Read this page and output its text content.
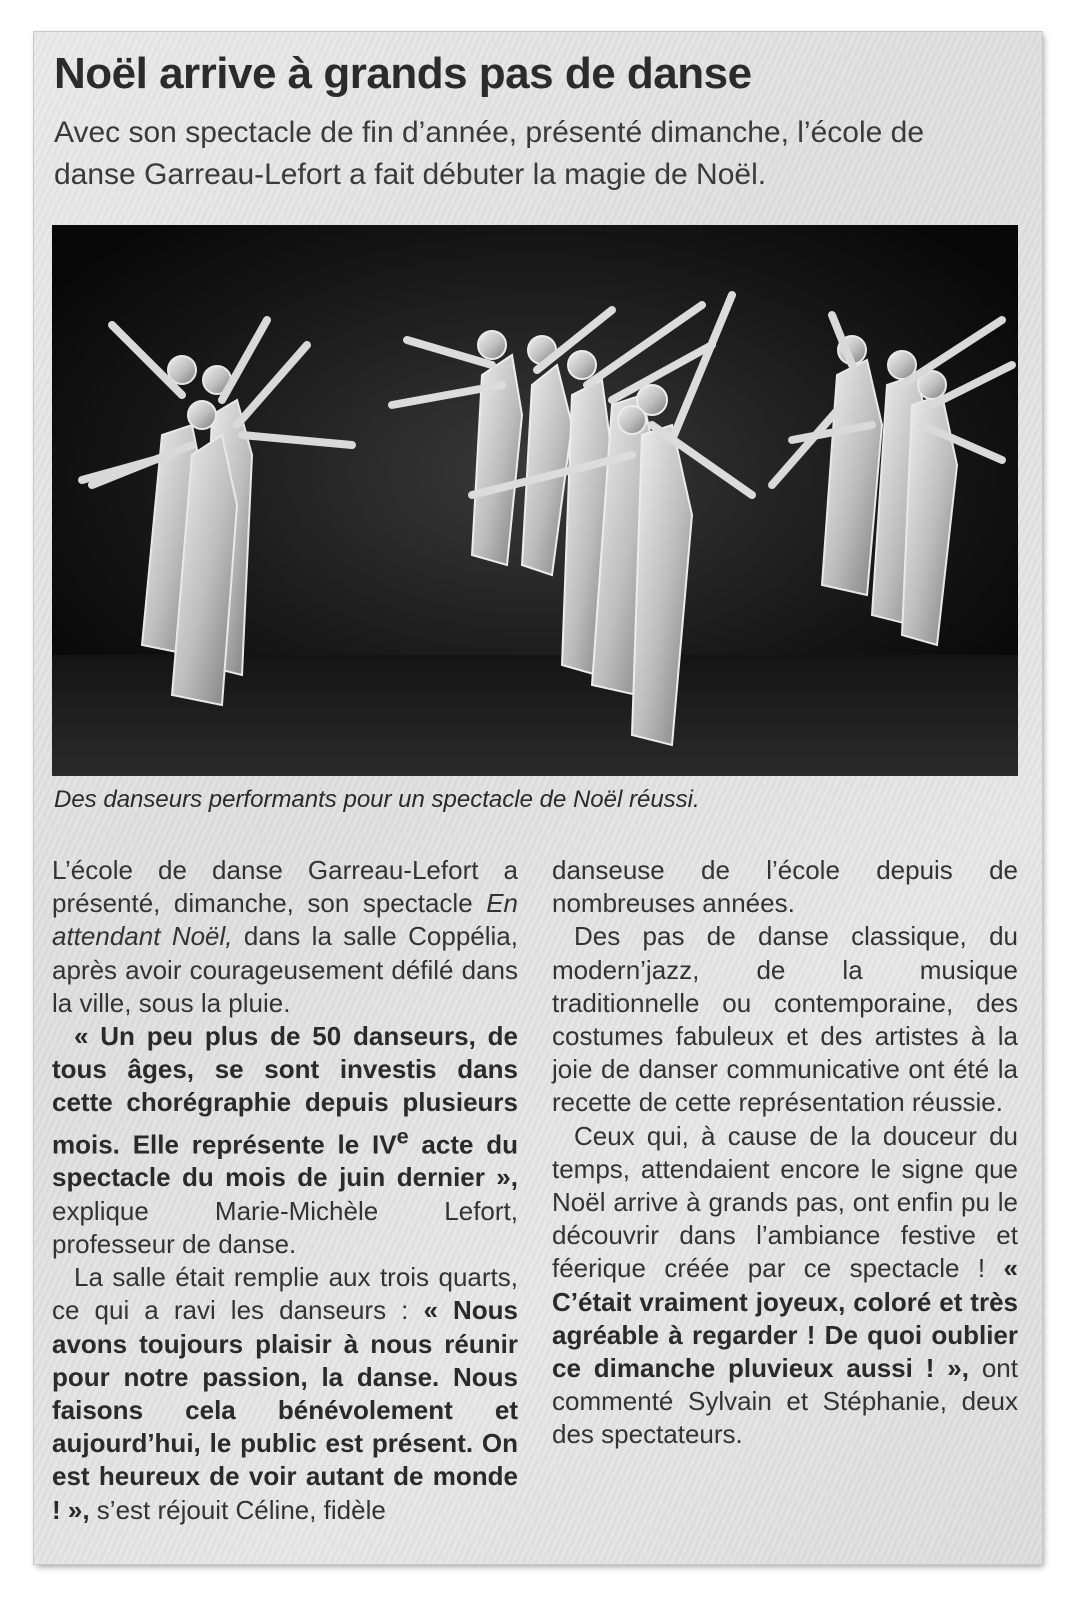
Noël arrive à grands pas de danse

Avec son spectacle de fin d’année, présenté dimanche, l’école de danse Garreau-Lefort a fait débuter la magie de Noël.

Des danseurs performants pour un spectacle de Noël réussi.

L’école de danse Garreau-Lefort a présenté, dimanche, son spectacle En attendant Noël, dans la salle Coppélia, après avoir courageusement défilé dans la ville, sous la pluie.

« Un peu plus de 50 danseurs, de tous âges, se sont investis dans cette chorégraphie depuis plusieurs mois. Elle représente le IVe acte du spectacle du mois de juin dernier », explique Marie-Michèle Lefort, professeur de danse.

La salle était remplie aux trois quarts, ce qui a ravi les danseurs : « Nous avons toujours plaisir à nous réunir pour notre passion, la danse. Nous faisons cela bénévolement et aujourd’hui, le public est présent. On est heureux de voir autant de monde ! », s’est réjouit Céline, fidèle

danseuse de l’école depuis de nombreuses années.

Des pas de danse classique, du modern’jazz, de la musique traditionnelle ou contemporaine, des costumes fabuleux et des artistes à la joie de danser communicative ont été la recette de cette représentation réussie.

Ceux qui, à cause de la douceur du temps, attendaient encore le signe que Noël arrive à grands pas, ont enfin pu le découvrir dans l’ambiance festive et féerique créée par ce spectacle ! « C’était vraiment joyeux, coloré et très agréable à regarder ! De quoi oublier ce dimanche pluvieux aussi ! », ont commenté Sylvain et Stéphanie, deux des spectateurs.
